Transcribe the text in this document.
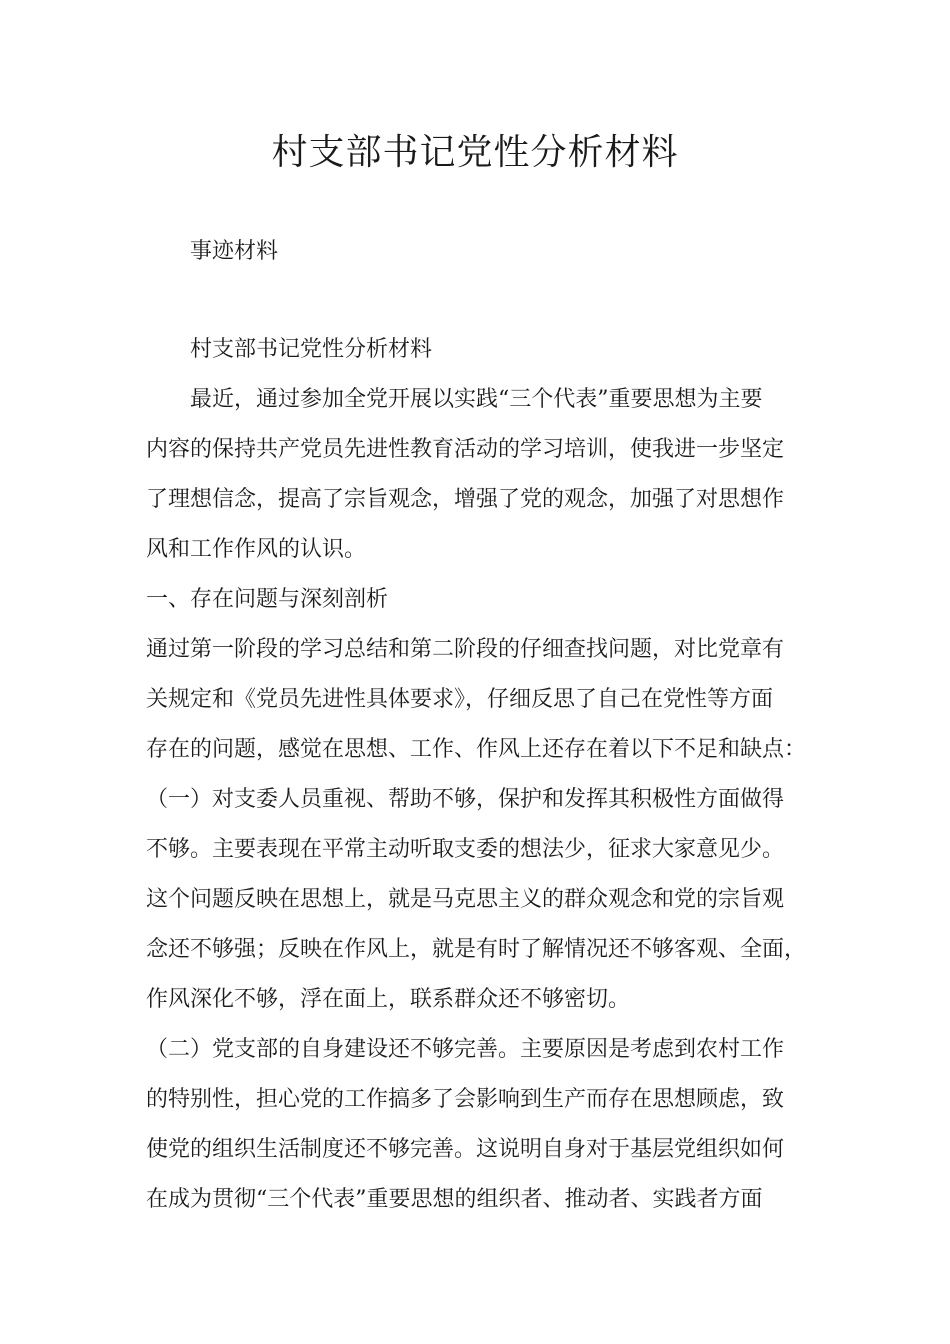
村支部书记党性分析材料

事迹材料

村支部书记党性分析材料

最近，通过参加全党开展以实践“三个代表”重要思想为主要

内容的保持共产党员先进性教育活动的学习培训，使我进一步坚定

了理想信念，提高了宗旨观念，增强了党的观念，加强了对思想作

风和工作作风的认识。

一、存在问题与深刻剖析

通过第一阶段的学习总结和第二阶段的仔细查找问题，对比党章有

关规定和《党员先进性具体要求》，仔细反思了自己在党性等方面

存在的问题，感觉在思想、工作、作风上还存在着以下不足和缺点：

（一）对支委人员重视、帮助不够，保护和发挥其积极性方面做得

不够。主要表现在平常主动听取支委的想法少，征求大家意见少。

这个问题反映在思想上，就是马克思主义的群众观念和党的宗旨观

念还不够强；反映在作风上，就是有时了解情况还不够客观、全面，

作风深化不够，浮在面上，联系群众还不够密切。

（二）党支部的自身建设还不够完善。主要原因是考虑到农村工作

的特别性，担心党的工作搞多了会影响到生产而存在思想顾虑，致

使党的组织生活制度还不够完善。这说明自身对于基层党组织如何

在成为贯彻“三个代表”重要思想的组织者、推动者、实践者方面
